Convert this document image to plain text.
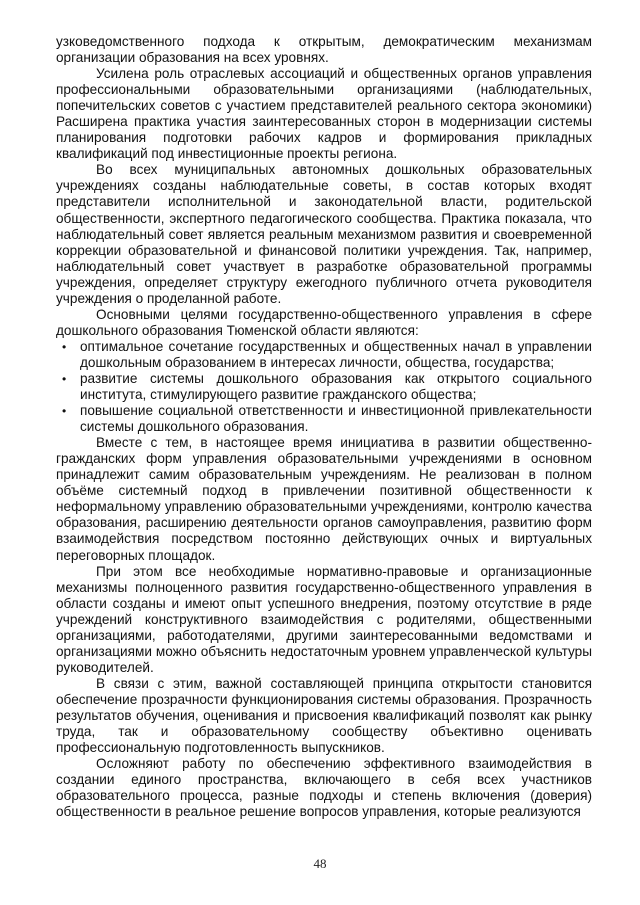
узковедомственного подхода к открытым, демократическим механизмам организации образования на всех уровнях.

Усилена роль отраслевых ассоциаций и общественных органов управления профессиональными образовательными организациями (наблюдательных, попечительских советов с участием представителей реального сектора экономики) Расширена практика участия заинтересованных сторон в модернизации системы планирования подготовки рабочих кадров и формирования прикладных квалификаций под инвестиционные проекты региона.

Во всех муниципальных автономных дошкольных образовательных учреждениях созданы наблюдательные советы, в состав которых входят представители исполнительной и законодательной власти, родительской общественности, экспертного педагогического сообщества. Практика показала, что наблюдательный совет является реальным механизмом развития и своевременной коррекции образовательной и финансовой политики учреждения. Так, например, наблюдательный совет участвует в разработке образовательной программы учреждения, определяет структуру ежегодного публичного отчета руководителя учреждения о проделанной работе.

Основными целями государственно-общественного управления в сфере дошкольного образования Тюменской области являются:

• оптимальное сочетание государственных и общественных начал в управлении дошкольным образованием в интересах личности, общества, государства;
• развитие системы дошкольного образования как открытого социального института, стимулирующего развитие гражданского общества;
• повышение социальной ответственности и инвестиционной привлекательности системы дошкольного образования.

Вместе с тем, в настоящее время инициатива в развитии общественно-гражданских форм управления образовательными учреждениями в основном принадлежит самим образовательным учреждениям. Не реализован в полном объёме системный подход в привлечении позитивной общественности к неформальному управлению образовательными учреждениями, контролю качества образования, расширению деятельности органов самоуправления, развитию форм взаимодействия посредством постоянно действующих очных и виртуальных переговорных площадок.

При этом все необходимые нормативно-правовые и организационные механизмы полноценного развития государственно-общественного управления в области созданы и имеют опыт успешного внедрения, поэтому отсутствие в ряде учреждений конструктивного взаимодействия с родителями, общественными организациями, работодателями, другими заинтересованными ведомствами и организациями можно объяснить недостаточным уровнем управленческой культуры руководителей.

В связи с этим, важной составляющей принципа открытости становится обеспечение прозрачности функционирования системы образования. Прозрачность результатов обучения, оценивания и присвоения квалификаций позволят как рынку труда, так и образовательному сообществу объективно оценивать профессиональную подготовленность выпускников.

Осложняют работу по обеспечению эффективного взаимодействия в создании единого пространства, включающего в себя всех участников образовательного процесса, разные подходы и степень включения (доверия) общественности в реальное решение вопросов управления, которые реализуются

48
